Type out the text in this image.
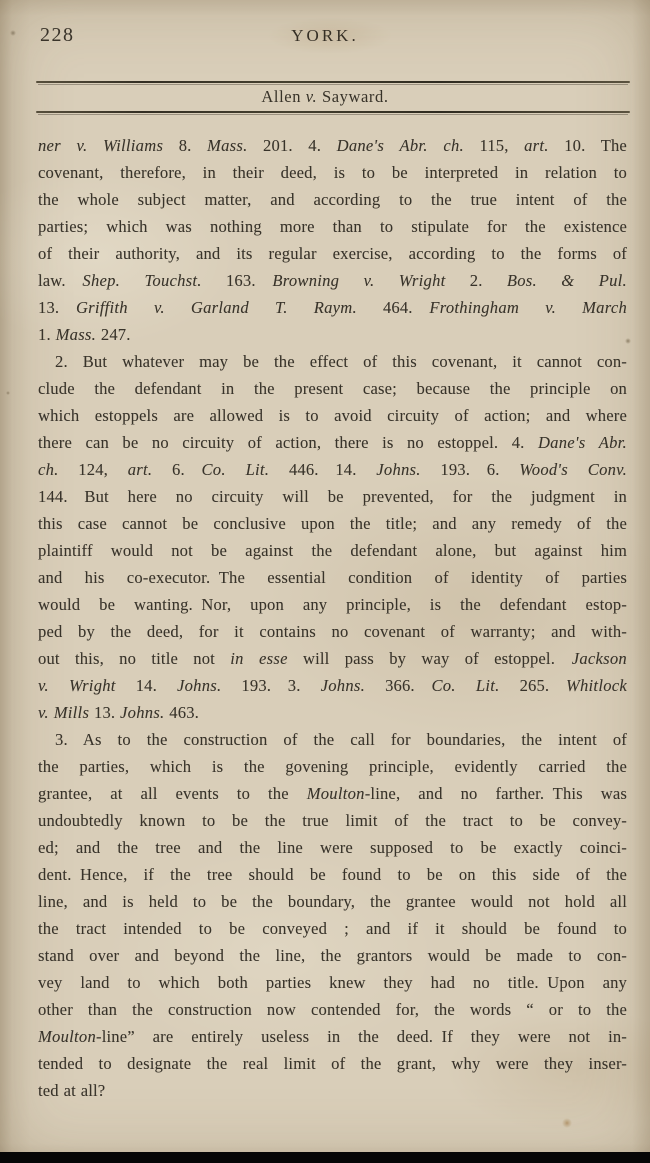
228	YORK.
Allen v. Sayward.
ner v. Williams 8. Mass. 201. 4. Dane's Abr. ch. 115, art. 10. The
covenant, therefore, in their deed, is to be interpreted in relation to
the whole subject matter, and according to the true intent of the
parties; which was nothing more than to stipulate for the existence
of their authority, and its regular exercise, according to the forms of
law. Shep. Touchst. 163. Browning v. Wright 2. Bos. & Pul.
13. Griffith v. Garland T. Raym. 464. Frothingham v. March
1. Mass. 247.
2. But whatever may be the effect of this covenant, it cannot con-
clude the defendant in the present case; because the principle on
which estoppels are allowed is to avoid circuity of action; and where
there can be no circuity of action, there is no estoppel. 4. Dane's Abr.
ch. 124, art. 6. Co. Lit. 446. 14. Johns. 193. 6. Wood's Conv.
144. But here no circuity will be prevented, for the judgment in
this case cannot be conclusive upon the title; and any remedy of the
plaintiff would not be against the defendant alone, but against him
and his co-executor. The essential condition of identity of parties
would be wanting. Nor, upon any principle, is the defendant estop-
ped by the deed, for it contains no covenant of warranty; and with-
out this, no title not in esse will pass by way of estoppel. Jackson
v. Wright 14. Johns. 193. 3. Johns. 366. Co. Lit. 265. Whitlock
v. Mills 13. Johns. 463.
3. As to the construction of the call for boundaries, the intent of
the parties, which is the govening principle, evidently carried the
grantee, at all events to the Moulton-line, and no farther. This was
undoubtedly known to be the true limit of the tract to be convey-
ed; and the tree and the line were supposed to be exactly coinci-
dent. Hence, if the tree should be found to be on this side of the
line, and is held to be the boundary, the grantee would not hold all
the tract intended to be conveyed ; and if it should be found to
stand over and beyond the line, the grantors would be made to con-
vey land to which both parties knew they had no title. Upon any
other than the construction now contended for, the words “ or to the
Moulton-line” are entirely useless in the deed. If they were not in-
tended to designate the real limit of the grant, why were they inser-
ted at all?
